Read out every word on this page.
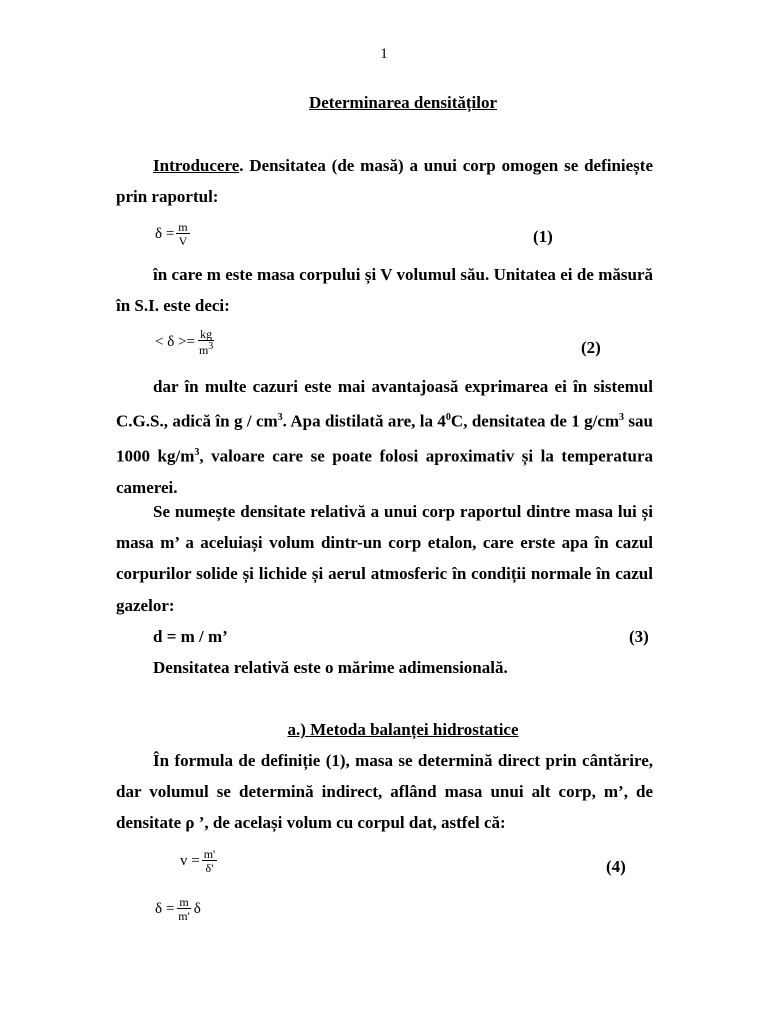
1
Determinarea densităților

Introducere. Densitatea (de masă) a unui corp omogen se definiește prin raportul:

$\delta = \frac{m}{V}$	(1)

în care m este masa corpului și V volumul său. Unitatea ei de măsură în S.I. este deci:

< $\delta >= \frac{kg}{m^3}$	(2)

dar în multe cazuri este mai avantajoasă exprimarea ei în sistemul C.G.S., adică în g / $cm^3$. Apa distilată are, la $4^0C$, densitatea de 1 $g/cm^3$ sau 1000 $kg/m^3$, valoare care se poate folosi aproximativ și la temperatura camerei.

Se numește densitate relativă a unui corp raportul dintre masa lui și masa m’ a aceluiași volum dintr-un corp etalon, care erste apa în cazul corpurilor solide și lichide și aerul atmosferic în condiții normale în cazul gazelor:

d = m / m’	(3)
Densitatea relativă este o mărime adimensională.
a.) Metoda balanței hidrostatice

În formula de definiție (1), masa se determină direct prin cântărire, dar volumul se determină indirect, aflând masa unui alt corp, m’, de densitate ρ ’, de același volum cu corpul dat, astfel că:

$v = \frac{m'}{\delta'}$	(4)
$\delta = \frac{m}{m'}$ δ
